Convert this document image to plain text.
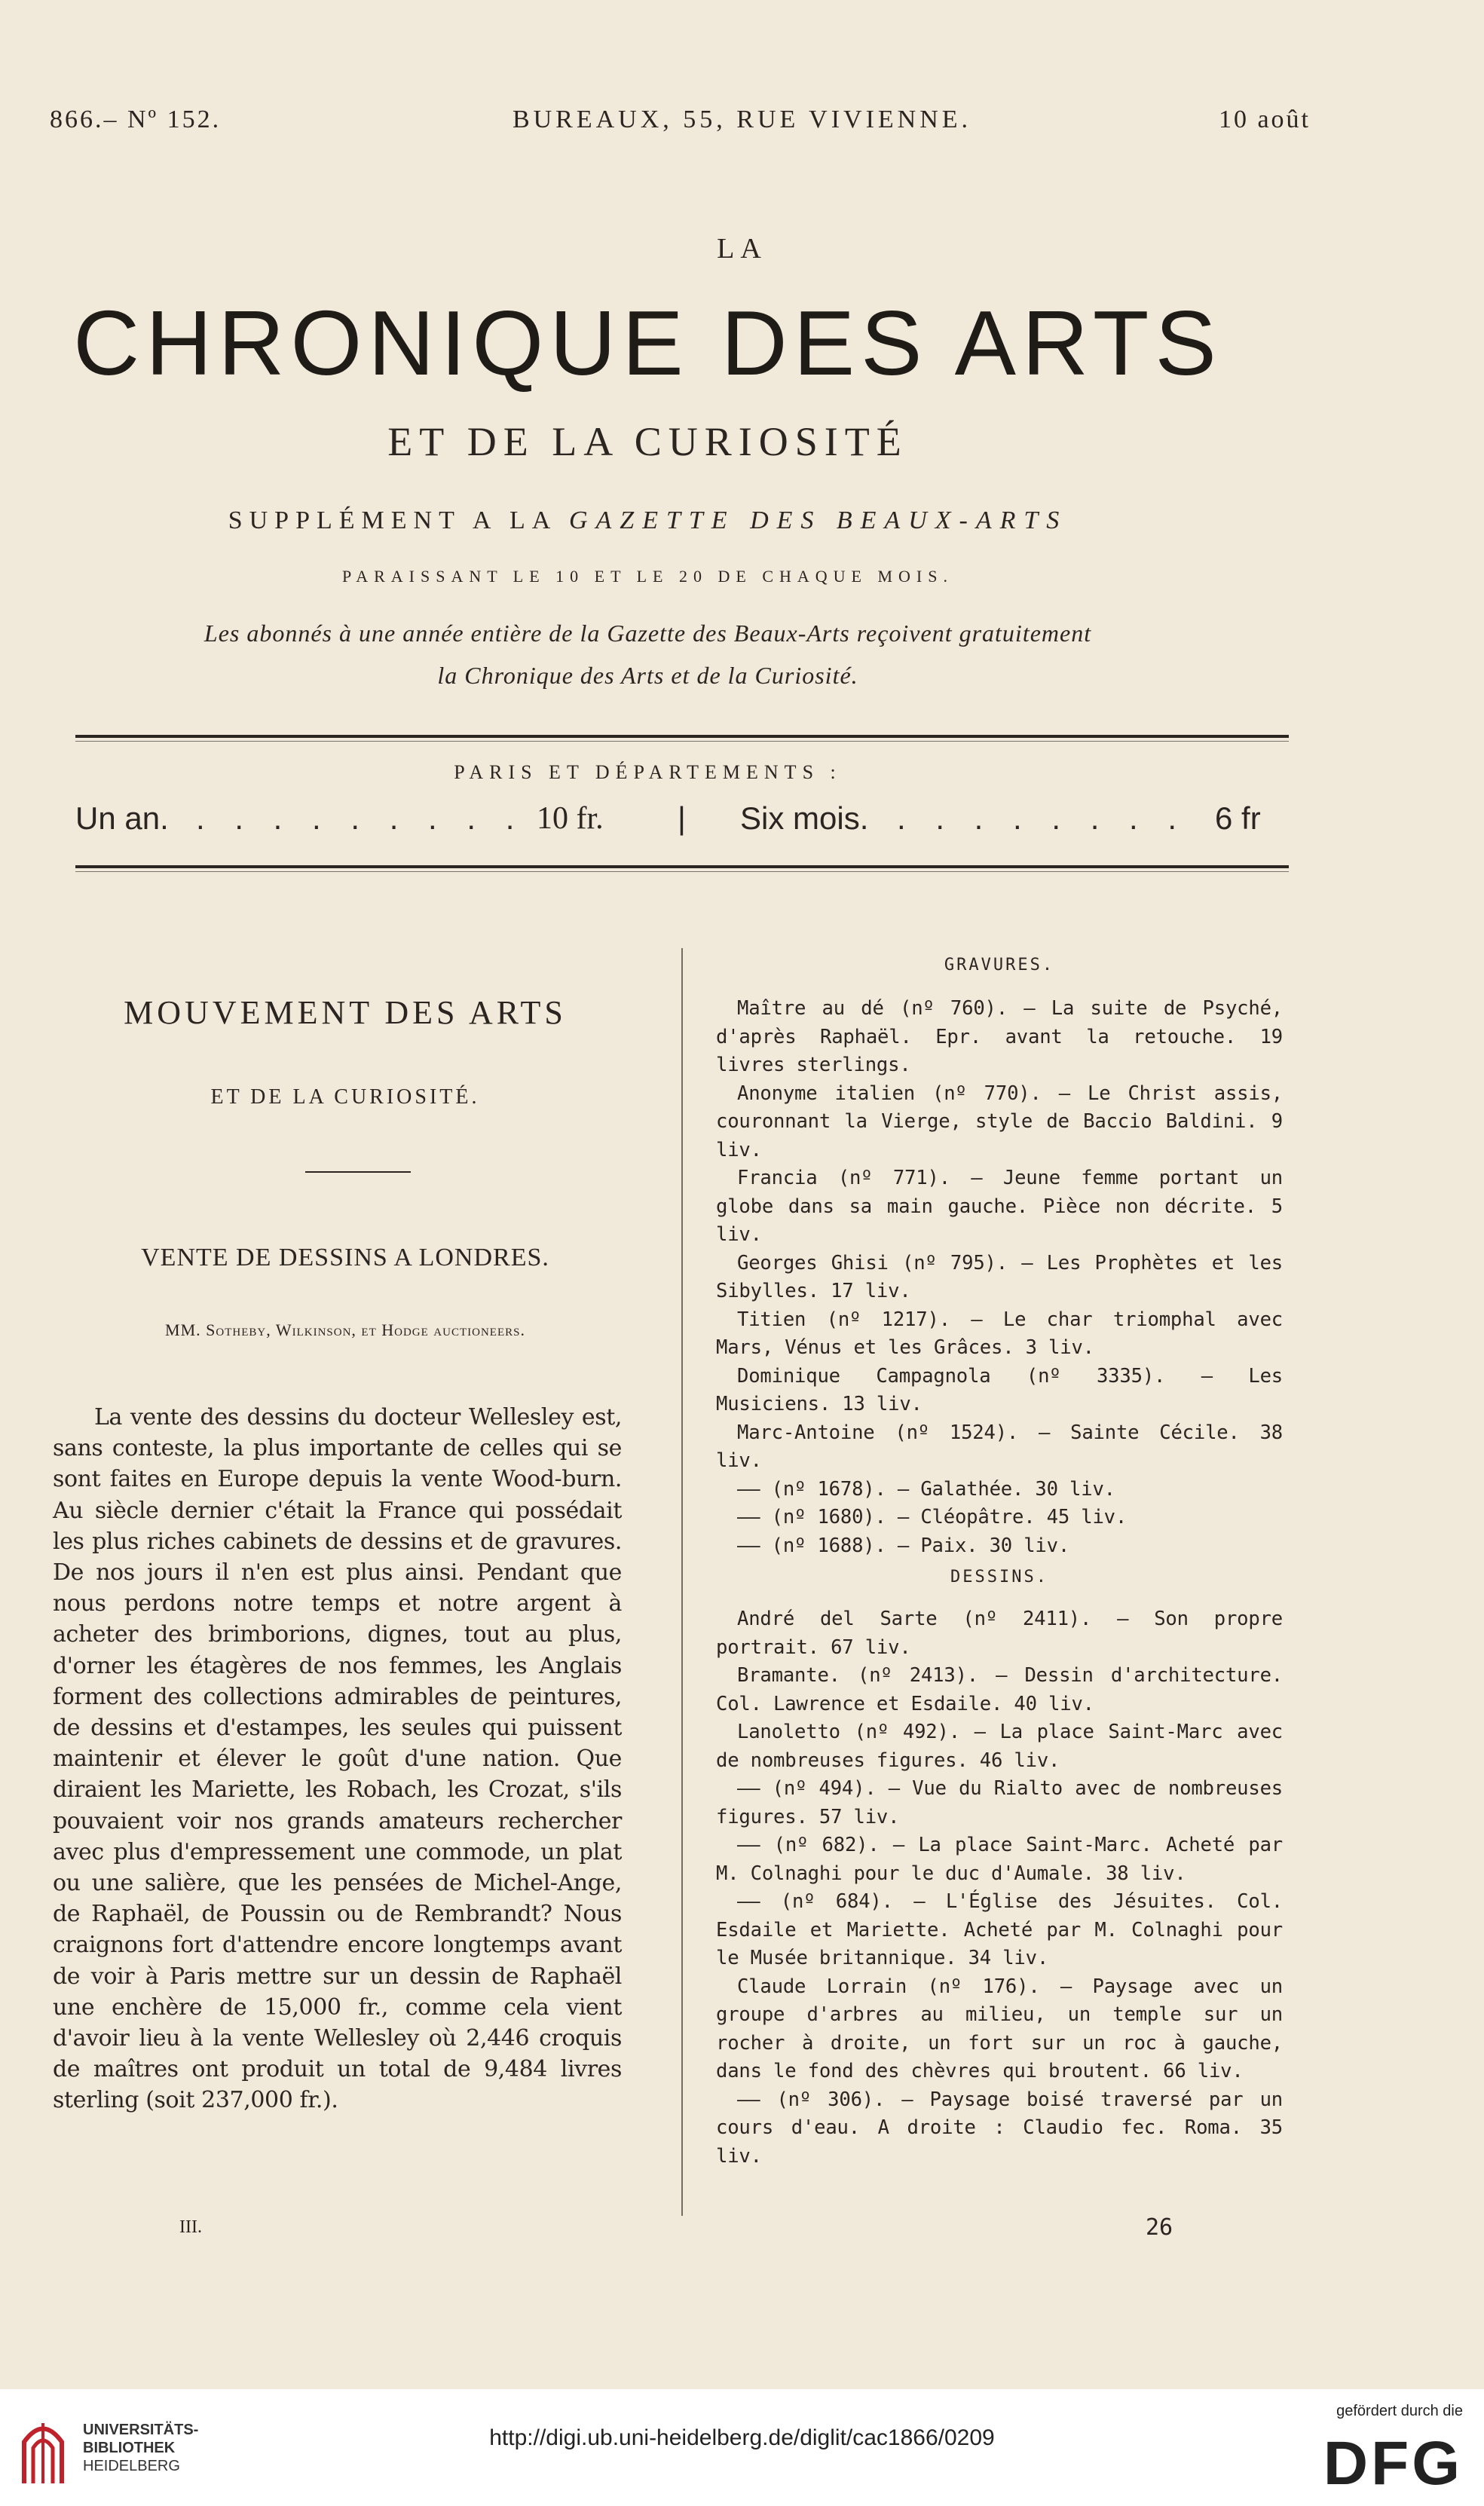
866.– Nº 152.	BUREAUX, 55, RUE VIVIENNE.	10 août
LA
CHRONIQUE DES ARTS
ET DE LA CURIOSITÉ
SUPPLÉMENT A LA GAZETTE DES BEAUX-ARTS
PARAISSANT LE 10 ET LE 20 DE CHAQUE MOIS.
Les abonnés à une année entière de la Gazette des Beaux-Arts reçoivent gratuitement
la Chronique des Arts et de la Curiosité.
PARIS ET DÉPARTEMENTS :
Un an. . . . . . . . . . 10 fr. | Six mois. . . . . . . . . 6 fr
MOUVEMENT DES ARTS
ET DE LA CURIOSITÉ.
VENTE DE DESSINS A LONDRES.
MM. Sotheby, Wilkinson, et Hodge auctioneers.

La vente des dessins du docteur Wellesley est, sans conteste, la plus importante de celles qui se sont faites en Europe depuis la vente Wood-burn. Au siècle dernier c'était la France qui possédait les plus riches cabinets de dessins et de gravures. De nos jours il n'en est plus ainsi. Pendant que nous perdons notre temps et notre argent à acheter des brimborions, dignes, tout au plus, d'orner les étagères de nos femmes, les Anglais forment des collections admirables de peintures, de dessins et d'estampes, les seules qui puissent maintenir et élever le goût d'une nation. Que diraient les Mariette, les Robach, les Crozat, s'ils pouvaient voir nos grands amateurs rechercher avec plus d'empressement une commode, un plat ou une salière, que les pensées de Michel-Ange, de Raphaël, de Poussin ou de Rembrandt? Nous craignons fort d'attendre encore longtemps avant de voir à Paris mettre sur un dessin de Raphaël une enchère de 15,000 fr., comme cela vient d'avoir lieu à la vente Wellesley où 2,446 croquis de maîtres ont produit un total de 9,484 livres sterling (soit 237,000 fr.).

III.
GRAVURES.

Maître au dé (nº 760). — La suite de Psyché, d'après Raphaël. Epr. avant la retouche. 19 livres sterlings.

Anonyme italien (nº 770). — Le Christ assis, couronnant la Vierge, style de Baccio Baldini. 9 liv.

Francia (nº 771). — Jeune femme portant un globe dans sa main gauche. Pièce non décrite. 5 liv.

Georges Ghisi (nº 795). — Les Prophètes et les Sibylles. 17 liv.

Titien (nº 1217). — Le char triomphal avec Mars, Vénus et les Grâces. 3 liv.

Dominique Campagnola (nº 3335). — Les Musiciens. 13 liv.

Marc-Antoine (nº 1524). — Sainte Cécile. 38 liv.

—— (nº 1678). — Galathée. 30 liv.

—— (nº 1680). — Cléopâtre. 45 liv.

—— (nº 1688). — Paix. 30 liv.

DESSINS.

André del Sarte (nº 2411). — Son propre portrait. 67 liv.

Bramante. (nº 2413). — Dessin d'architecture. Col. Lawrence et Esdaile. 40 liv.

Lanoletto (nº 492). — La place Saint-Marc avec de nombreuses figures. 46 liv.

—— (nº 494). — Vue du Rialto avec de nombreuses figures. 57 liv.

—— (nº 682). — La place Saint-Marc. Acheté par M. Colnaghi pour le duc d'Aumale. 38 liv.

—— (nº 684). — L'Église des Jésuites. Col. Esdaile et Mariette. Acheté par M. Colnaghi pour le Musée britannique. 34 liv.

Claude Lorrain (nº 176). — Paysage avec un groupe d'arbres au milieu, un temple sur un rocher à droite, un fort sur un roc à gauche, dans le fond des chèvres qui broutent. 66 liv.

—— (nº 306). — Paysage boisé traversé par un cours d'eau. A droite : Claudio fec. Roma. 35 liv.

26
UNIVERSITÄTS-
BIBLIOTHEK
HEIDELBERG
http://digi.ub.uni-heidelberg.de/diglit/cac1866/0209
gefördert durch die
DFG
